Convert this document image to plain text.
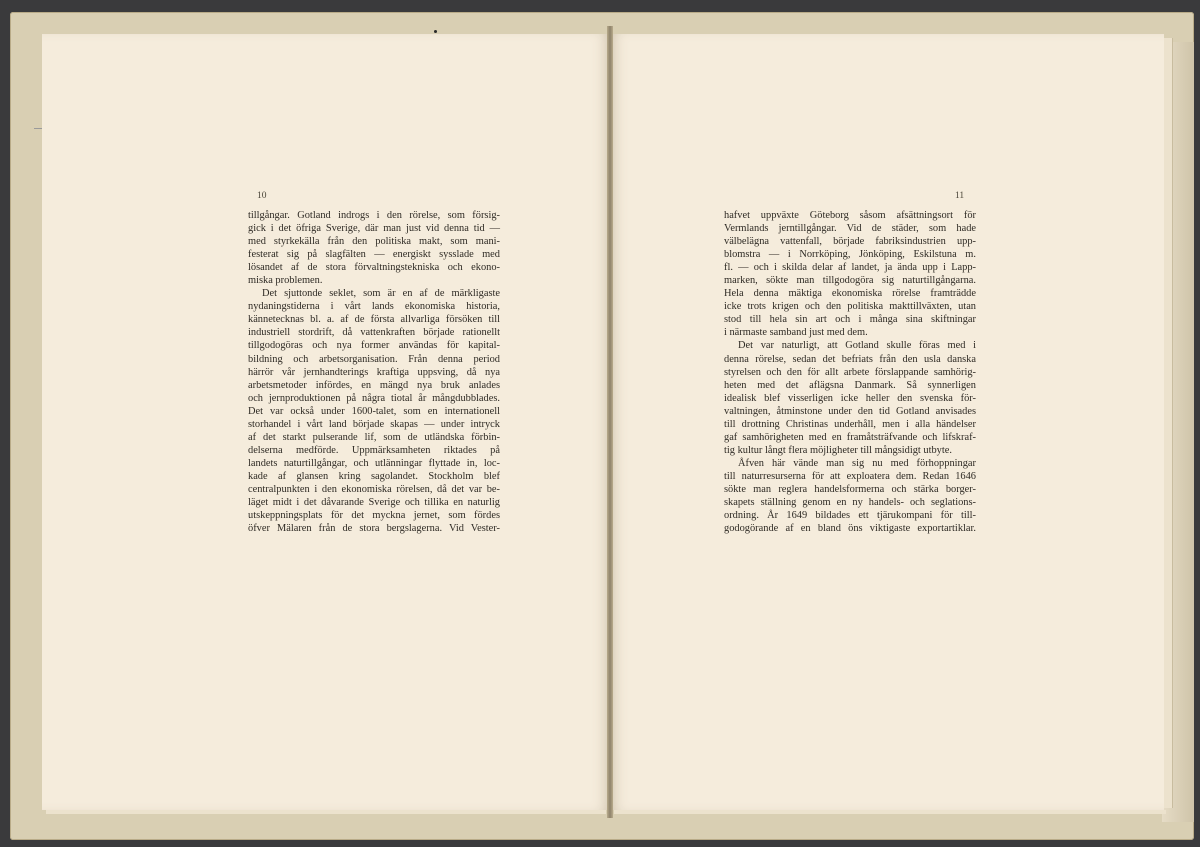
10	11
tillgångar. Gotland indrogs i den rörelse, som försig-
gick i det öfriga Sverige, där man just vid denna tid —
med styrkekälla från den politiska makt, som mani-
festerat sig på slagfälten — energiskt sysslade med
lösandet af de stora förvaltningstekniska och ekono-
miska problemen.
Det sjuttonde seklet, som är en af de märkligaste
nydaningstiderna i vårt lands ekonomiska historia,
kännetecknas bl. a. af de första allvarliga försöken till
industriell stordrift, då vattenkraften började rationellt
tillgodogöras och nya former användas för kapital-
bildning och arbetsorganisation. Från denna period
härrör vår jernhandterings kraftiga uppsving, då nya
arbetsmetoder infördes, en mängd nya bruk anlades
och jernproduktionen på några tiotal år mångdubblades.
Det var också under 1600-talet, som en internationell
storhandel i vårt land började skapas — under intryck
af det starkt pulserande lif, som de utländska förbin-
delserna medförde. Uppmärksamheten riktades på
landets naturtillgångar, och utlänningar flyttade in, loc-
kade af glansen kring sagolandet. Stockholm blef
centralpunkten i den ekonomiska rörelsen, då det var be-
läget midt i det dåvarande Sverige och tillika en naturlig
utskeppningsplats för det myckna jernet, som fördes
öfver Mälaren från de stora bergslagerna. Vid Vester-
hafvet uppväxte Göteborg såsom afsättningsort för
Vermlands jerntillgångar. Vid de städer, som hade
välbelägna vattenfall, började fabriksindustrien upp-
blomstra — i Norrköping, Jönköping, Eskilstuna m.
fl. — och i skilda delar af landet, ja ända upp i Lapp-
marken, sökte man tillgodogöra sig naturtillgångarna.
Hela denna mäktiga ekonomiska rörelse framträdde
icke trots krigen och den politiska makttillväxten, utan
stod till hela sin art och i många sina skiftningar
i närmaste samband just med dem.
Det var naturligt, att Gotland skulle föras med i
denna rörelse, sedan det befriats från den usla danska
styrelsen och den för allt arbete förslappande samhörig-
heten med det aflägsna Danmark. Så synnerligen
idealisk blef visserligen icke heller den svenska för-
valtningen, åtminstone under den tid Gotland anvisades
till drottning Christinas underhåll, men i alla händelser
gaf samhörigheten med en framåtsträfvande och lifskraf-
tig kultur långt flera möjligheter till mångsidigt utbyte.
Åfven här vände man sig nu med förhoppningar
till naturresurserna för att exploatera dem. Redan 1646
sökte man reglera handelsformerna och stärka borger-
skapets ställning genom en ny handels- och seglations-
ordning. År 1649 bildades ett tjärukompani för till-
godogörande af en bland öns viktigaste exportartiklar.
